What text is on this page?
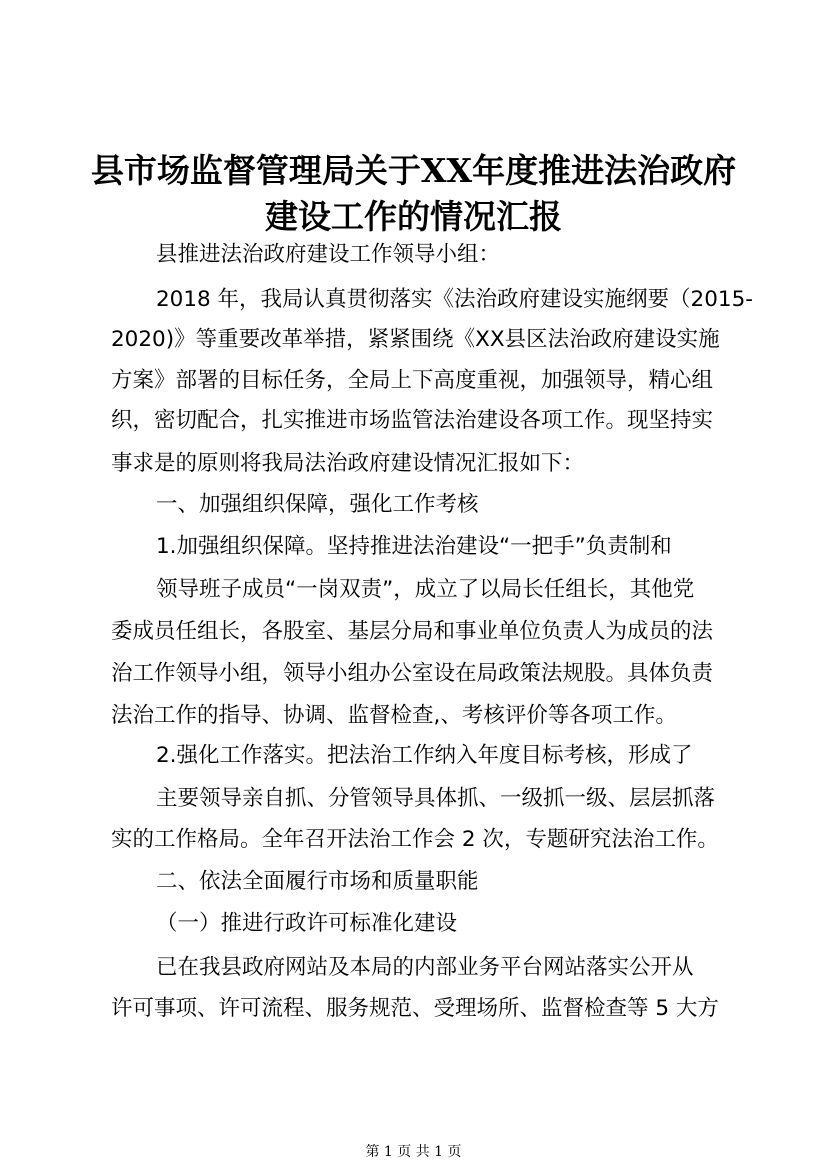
县市场监督管理局关于XX年度推进法治政府
建设工作的情况汇报
县推进法治政府建设工作领导小组：
2018 年，我局认真贯彻落实《法治政府建设实施纲要（2015-
2020)》等重要改革举措，紧紧围绕《XX县区法治政府建设实施
方案》部署的目标任务，全局上下高度重视，加强领导，精心组
织，密切配合，扎实推进市场监管法治建设各项工作。现坚持实
事求是的原则将我局法治政府建设情况汇报如下：
一、加强组织保障，强化工作考核
1.加强组织保障。坚持推进法治建设“一把手”负责制和
领导班子成员“一岗双责”，成立了以局长任组长，其他党
委成员任组长，各股室、基层分局和事业单位负责人为成员的法
治工作领导小组，领导小组办公室设在局政策法规股。具体负责
法治工作的指导、协调、监督检查,、考核评价等各项工作。
2.强化工作落实。把法治工作纳入年度目标考核，形成了
主要领导亲自抓、分管领导具体抓、一级抓一级、层层抓落
实的工作格局。全年召开法治工作会 2 次，专题研究法治工作。
二、依法全面履行市场和质量职能
（一）推进行政许可标准化建设
已在我县政府网站及本局的内部业务平台网站落实公开从
许可事项、许可流程、服务规范、受理场所、监督检查等 5 大方
第 1 页 共 1 页
